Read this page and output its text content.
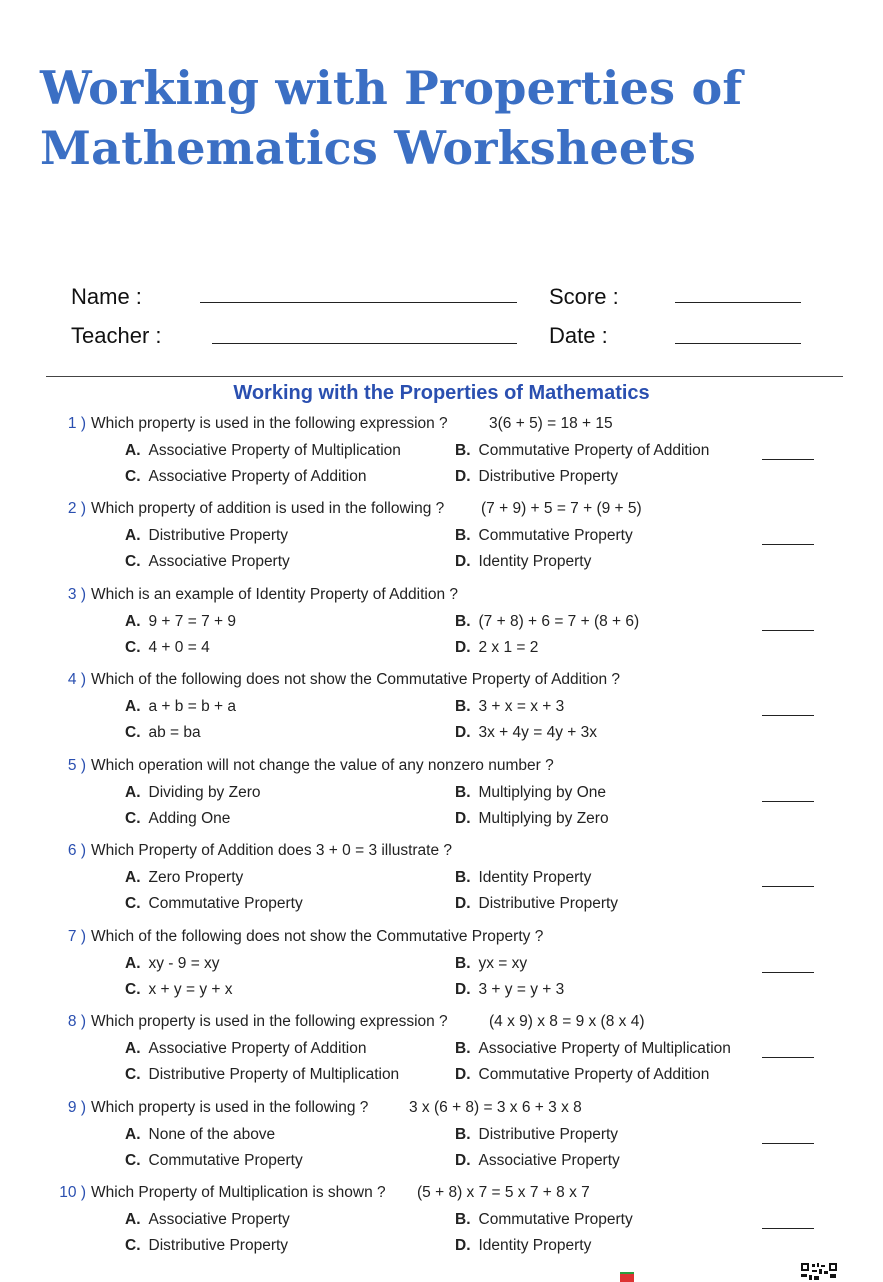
Working with Properties of Mathematics Worksheets
Name :	Score :
Teacher :	Date :
Working with the Properties of Mathematics
1 ) Which property is used in the following expression ?	3(6 + 5) = 18 + 15
A. Associative Property of Multiplication	B. Commutative Property of Addition
C. Associative Property of Addition	D. Distributive Property
2 ) Which property of addition is used in the following ? (7 + 9) + 5 = 7 + (9 + 5)
A. Distributive Property	B. Commutative Property
C. Associative Property	D. Identity Property
3 ) Which is an example of Identity Property of Addition ?
A. 9 + 7 = 7 + 9	B. (7 + 8) + 6 = 7 + (8 + 6)
C. 4 + 0 = 4	D. 2 x 1 = 2
4 ) Which of the following does not show the Commutative Property of Addition ?
A. a + b = b + a	B. 3 + x = x + 3
C. ab = ba	D. 3x + 4y = 4y + 3x
5 ) Which operation will not change the value of any nonzero number ?
A. Dividing by Zero	B. Multiplying by One
C. Adding One	D. Multiplying by Zero
6 ) Which Property of Addition does 3 + 0 = 3 illustrate ?
A. Zero Property	B. Identity Property
C. Commutative Property	D. Distributive Property
7 ) Which of the following does not show the Commutative Property ?
A. xy - 9 = xy	B. yx = xy
C. x + y = y + x	D. 3 + y = y + 3
8 ) Which property is used in the following expression ?	(4 x 9) x 8 = 9 x (8 x 4)
A. Associative Property of Addition	B. Associative Property of Multiplication
C. Distributive Property of Multiplication	D. Commutative Property of Addition
9 ) Which property is used in the following ?	3 x (6 + 8) = 3 x 6 + 3 x 8
A. None of the above	B. Distributive Property
C. Commutative Property	D. Associative Property
10 ) Which Property of Multiplication is shown ? (5 + 8) x 7 = 5 x 7 + 8 x 7
A. Associative Property	B. Commutative Property
C. Distributive Property	D. Identity Property
